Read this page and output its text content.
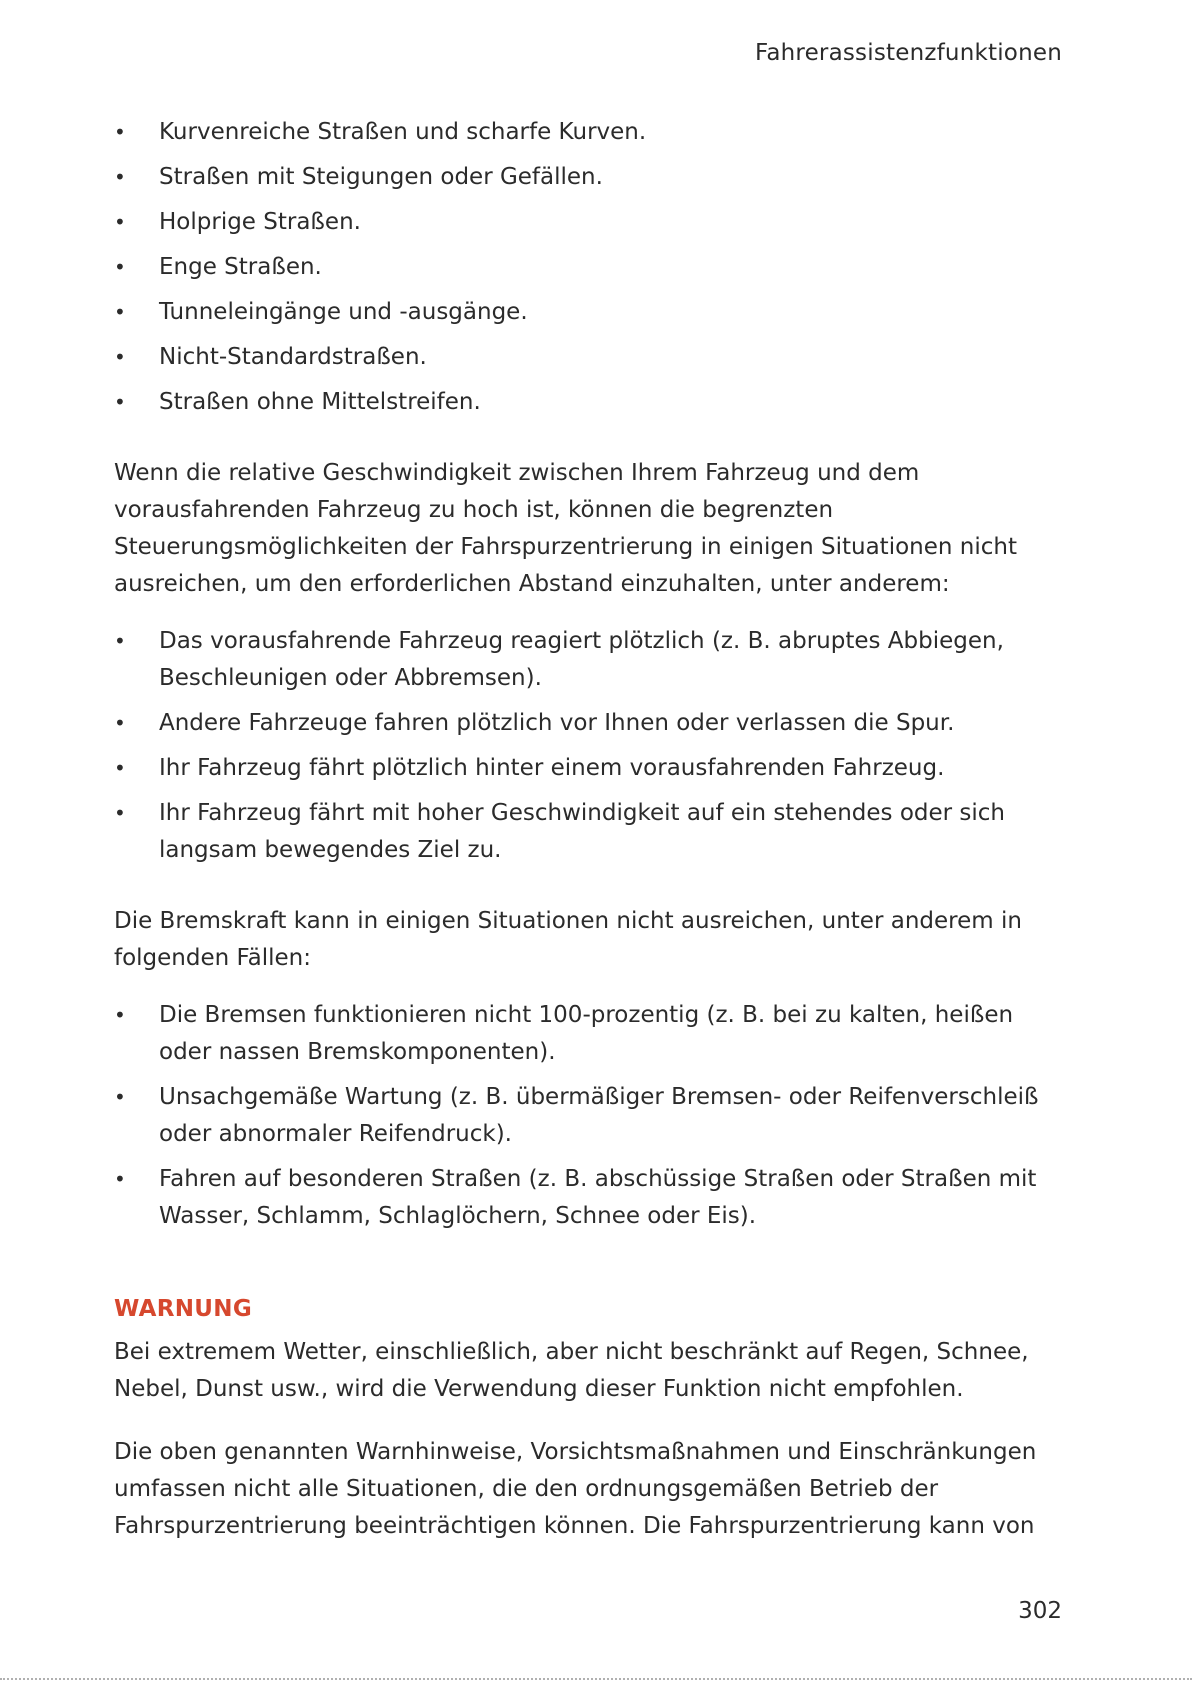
Fahrerassistenzfunktionen
• Kurvenreiche Straßen und scharfe Kurven.
• Straßen mit Steigungen oder Gefällen.
• Holprige Straßen.
• Enge Straßen.
• Tunneleingänge und -ausgänge.
• Nicht-Standardstraßen.
• Straßen ohne Mittelstreifen.

Wenn die relative Geschwindigkeit zwischen Ihrem Fahrzeug und dem vorausfahrenden Fahrzeug zu hoch ist, können die begrenzten Steuerungsmöglichkeiten der Fahrspurzentrierung in einigen Situationen nicht ausreichen, um den erforderlichen Abstand einzuhalten, unter anderem:

• Das vorausfahrende Fahrzeug reagiert plötzlich (z. B. abruptes Abbiegen, Beschleunigen oder Abbremsen).
• Andere Fahrzeuge fahren plötzlich vor Ihnen oder verlassen die Spur.
• Ihr Fahrzeug fährt plötzlich hinter einem vorausfahrenden Fahrzeug.
• Ihr Fahrzeug fährt mit hoher Geschwindigkeit auf ein stehendes oder sich langsam bewegendes Ziel zu.

Die Bremskraft kann in einigen Situationen nicht ausreichen, unter anderem in folgenden Fällen:

• Die Bremsen funktionieren nicht 100-prozentig (z. B. bei zu kalten, heißen oder nassen Bremskomponenten).
• Unsachgemäße Wartung (z. B. übermäßiger Bremsen- oder Reifenverschleiß oder abnormaler Reifendruck).
• Fahren auf besonderen Straßen (z. B. abschüssige Straßen oder Straßen mit Wasser, Schlamm, Schlaglöchern, Schnee oder Eis).
WARNUNG

Bei extremem Wetter, einschließlich, aber nicht beschränkt auf Regen, Schnee, Nebel, Dunst usw., wird die Verwendung dieser Funktion nicht empfohlen.

Die oben genannten Warnhinweise, Vorsichtsmaßnahmen und Einschränkungen umfassen nicht alle Situationen, die den ordnungsgemäßen Betrieb der Fahrspurzentrierung beeinträchtigen können. Die Fahrspurzentrierung kann von

302
